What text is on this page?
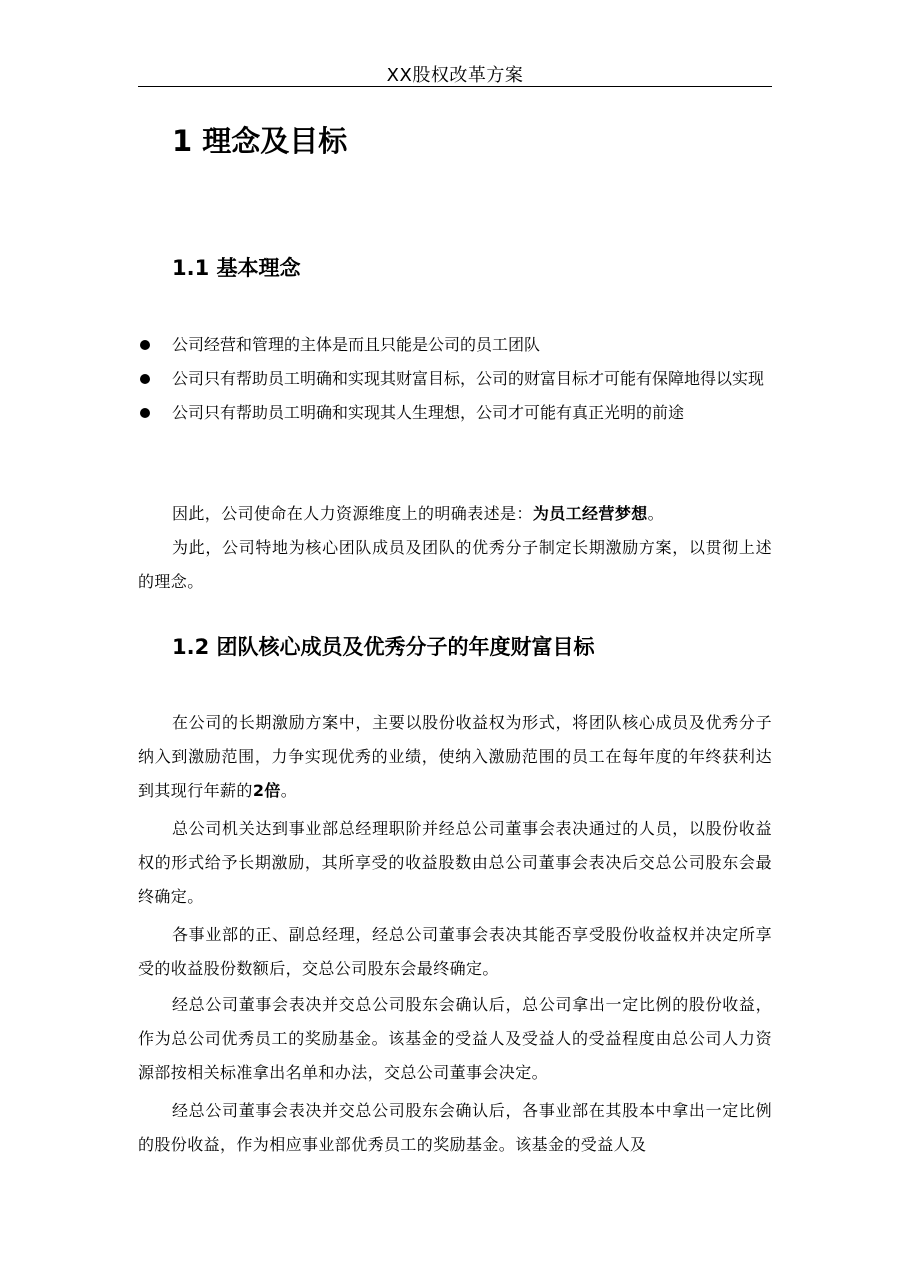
XX股权改革方案
1 理念及目标
1.1 基本理念
公司经营和管理的主体是而且只能是公司的员工团队
公司只有帮助员工明确和实现其财富目标，公司的财富目标才可能有保障地得以实现
公司只有帮助员工明确和实现其人生理想，公司才可能有真正光明的前途

因此，公司使命在人力资源维度上的明确表述是：为员工经营梦想。

为此，公司特地为核心团队成员及团队的优秀分子制定长期激励方案，以贯彻上述的理念。

1.2 团队核心成员及优秀分子的年度财富目标

在公司的长期激励方案中，主要以股份收益权为形式，将团队核心成员及优秀分子纳入到激励范围，力争实现优秀的业绩，使纳入激励范围的员工在每年度的年终获利达到其现行年薪的2倍。

总公司机关达到事业部总经理职阶并经总公司董事会表决通过的人员，以股份收益权的形式给予长期激励，其所享受的收益股数由总公司董事会表决后交总公司股东会最终确定。

各事业部的正、副总经理，经总公司董事会表决其能否享受股份收益权并决定所享受的收益股份数额后，交总公司股东会最终确定。

经总公司董事会表决并交总公司股东会确认后，总公司拿出一定比例的股份收益，作为总公司优秀员工的奖励基金。该基金的受益人及受益人的受益程度由总公司人力资源部按相关标准拿出名单和办法，交总公司董事会决定。

经总公司董事会表决并交总公司股东会确认后，各事业部在其股本中拿出一定比例的股份收益，作为相应事业部优秀员工的奖励基金。该基金的受益人及
